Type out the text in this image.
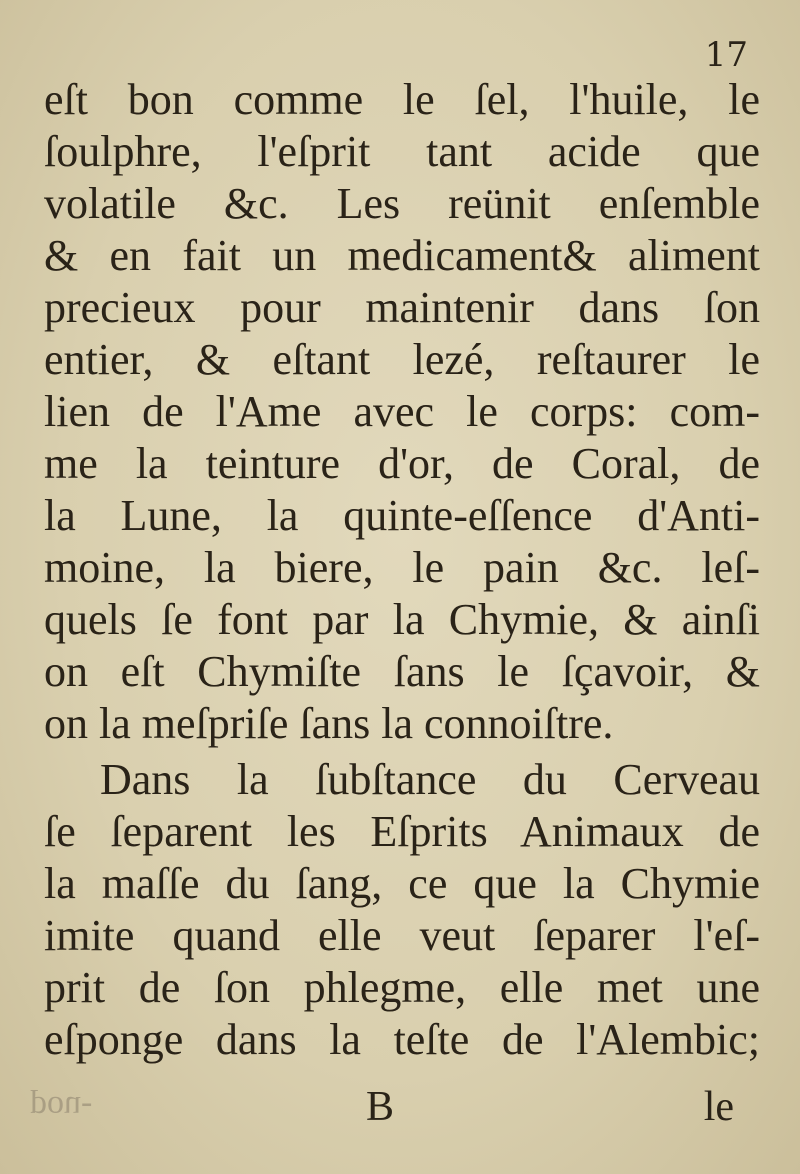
17
eſt bon comme le ſel, l'huile, le
ſoulphre, l'eſprit tant acide que
volatile &c. Les reünit enſemble
& en fait un medicament& aliment
precieux pour maintenir dans ſon
entier, & eſtant lezé, reſtaurer le
lien de l'Ame avec le corps: com-
me la teinture d'or, de Coral, de
la Lune, la quinte-eſſence d'Anti-
moine, la biere, le pain &c. leſ-
quels ſe font par la Chymie, & ainſi
on eſt Chymiſte ſans le ſçavoir, &
on la meſpriſe ſans la connoiſtre.
Dans la ſubſtance du Cerveau
ſe ſeparent les Eſprits Animaux de
la maſſe du ſang, ce que la Chymie
imite quand elle veut ſeparer l'eſ-
prit de ſon phlegme, elle met une
eſponge dans la teſte de l'Alembic;
pou-	B	le
